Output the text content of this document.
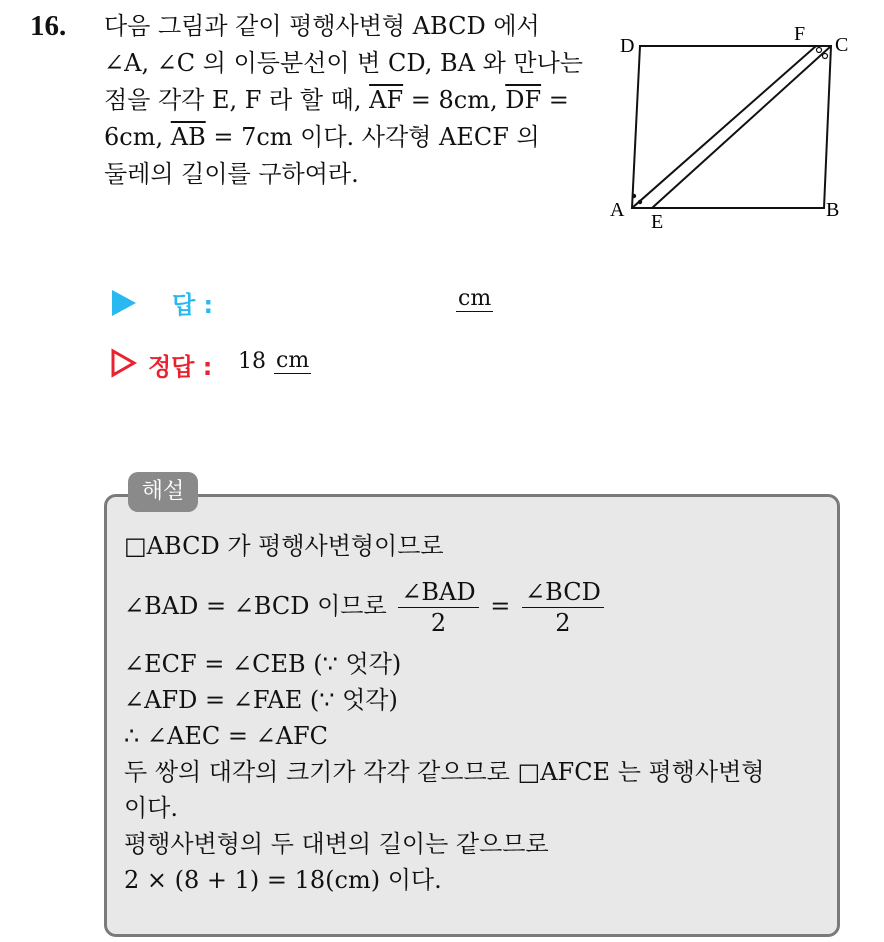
16. 다음 그림과 같이 평행사변형 ABCD 에서
∠A, ∠C 의 이등분선이 변 CD, BA 와 만나는
점을 각각 E, F 라 할 때, $\overline{AF} = 8cm$, $\overline{DF}$ =
6cm, $\overline{AB} = 7cm$ 이다. 사각형 AECF 의
둘레의 길이를 구하여라.
A	B
C
D
E
F
답 :	cm
정답 : 18 cm
해설
□ABCD 가 평행사변형이므로
∠BAD = ∠BCD 이므로 $\frac{\text{∠BAD}}{2} = \frac{\text{∠BCD}}{2}$
∠ECF = ∠CEB (∵ 엇각)
∠AFD = ∠FAE (∵ 엇각)
∴ ∠AEC = ∠AFC
두 쌍의 대각의 크기가 각각 같으므로 □AFCE 는 평행사변형
이다.
평행사변형의 두 대변의 길이는 같으므로
2 × (8 + 1) = 18(cm) 이다.
